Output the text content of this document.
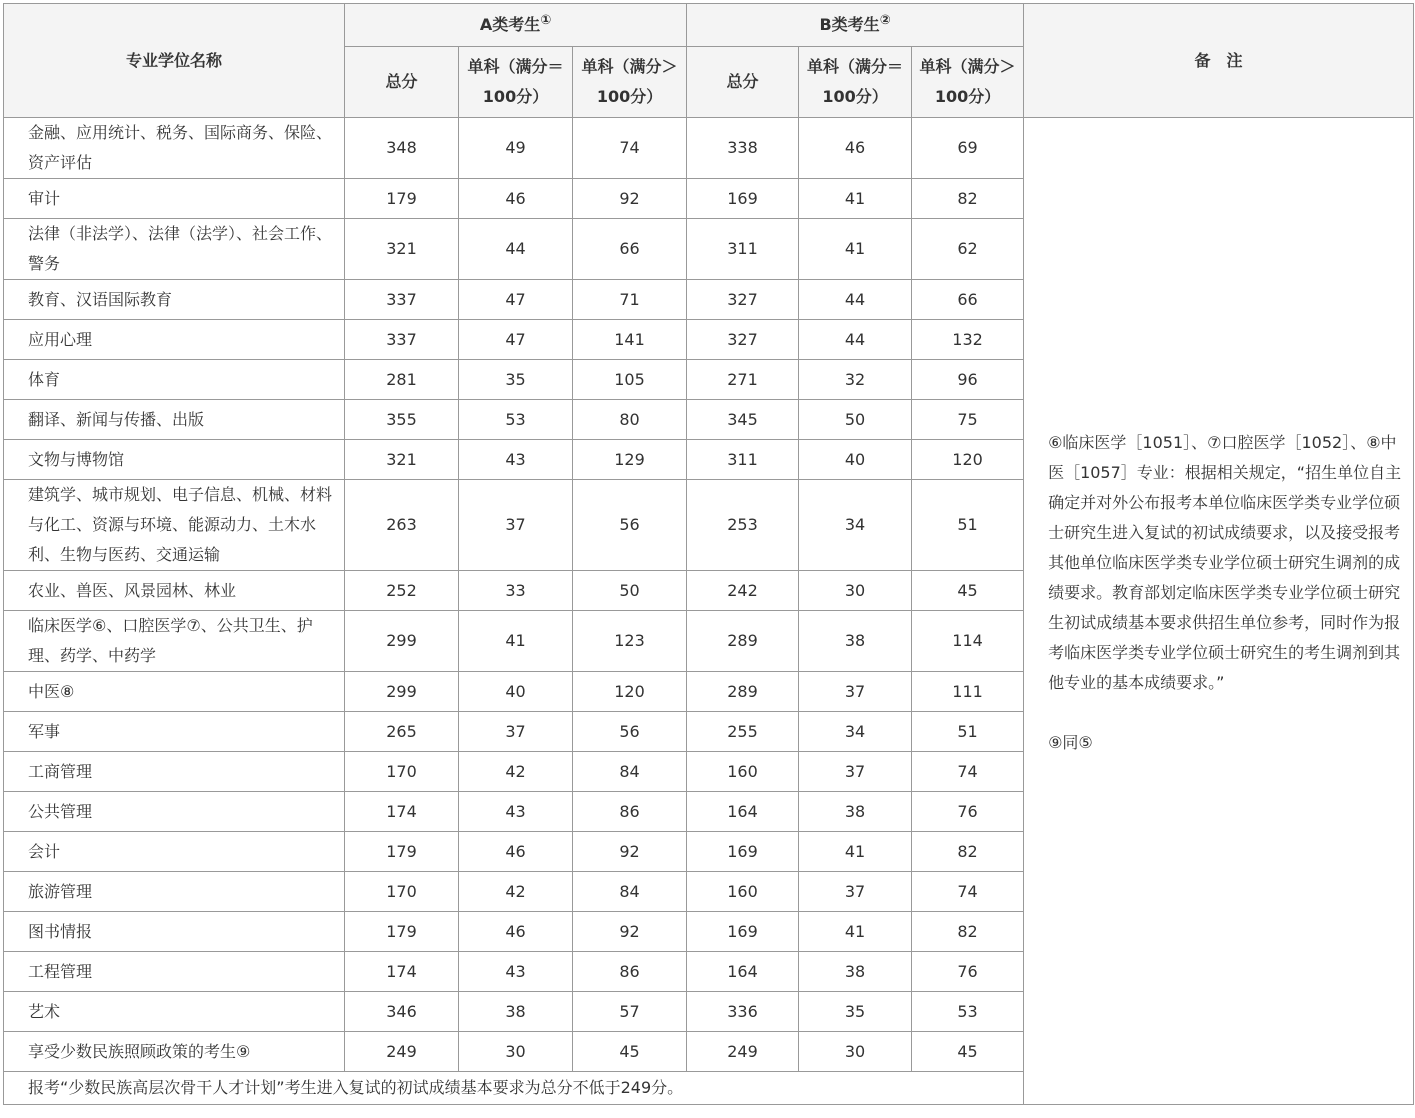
专业学位名称	A类考生①			B类考生②			备　注
	总分	单科（满分＝100分）	单科（满分＞100分）	总分	单科（满分＝100分）	单科（满分＞100分）	
金融、应用统计、税务、国际商务、保险、资产评估	348	49	74	338	46	69	⑥临床医学［1051］、⑦口腔医学［1052］、⑧中医［1057］专业：根据相关规定，“招生单位自主确定并对外公布报考本单位临床医学类专业学位硕士研究生进入复试的初试成绩要求，以及接受报考其他单位临床医学类专业学位硕士研究生调剂的成绩要求。教育部划定临床医学类专业学位硕士研究生初试成绩基本要求供招生单位参考，同时作为报考临床医学类专业学位硕士研究生的考生调剂到其他专业的基本成绩要求。”

⑨同⑤

审计	179	46	92	169	41	82	
法律（非法学）、法律（法学）、社会工作、警务	321	44	66	311	41	62	
教育、汉语国际教育	337	47	71	327	44	66	
应用心理	337	47	141	327	44	132	
体育	281	35	105	271	32	96	
翻译、新闻与传播、出版	355	53	80	345	50	75	
文物与博物馆	321	43	129	311	40	120	
建筑学、城市规划、电子信息、机械、材料与化工、资源与环境、能源动力、土木水利、生物与医药、交通运输	263	37	56	253	34	51	
农业、兽医、风景园林、林业	252	33	50	242	30	45	
临床医学⑥、口腔医学⑦、公共卫生、护理、药学、中药学	299	41	123	289	38	114	
中医⑧	299	40	120	289	37	111	
军事	265	37	56	255	34	51	
工商管理	170	42	84	160	37	74	
公共管理	174	43	86	164	38	76	
会计	179	46	92	169	41	82	
旅游管理	170	42	84	160	37	74	
图书情报	179	46	92	169	41	82	
工程管理	174	43	86	164	38	76	
艺术	346	38	57	336	35	53	
享受少数民族照顾政策的考生⑨	249	30	45	249	30	45	
报考“少数民族高层次骨干人才计划”考生进入复试的初试成绩基本要求为总分不低于249分。							
